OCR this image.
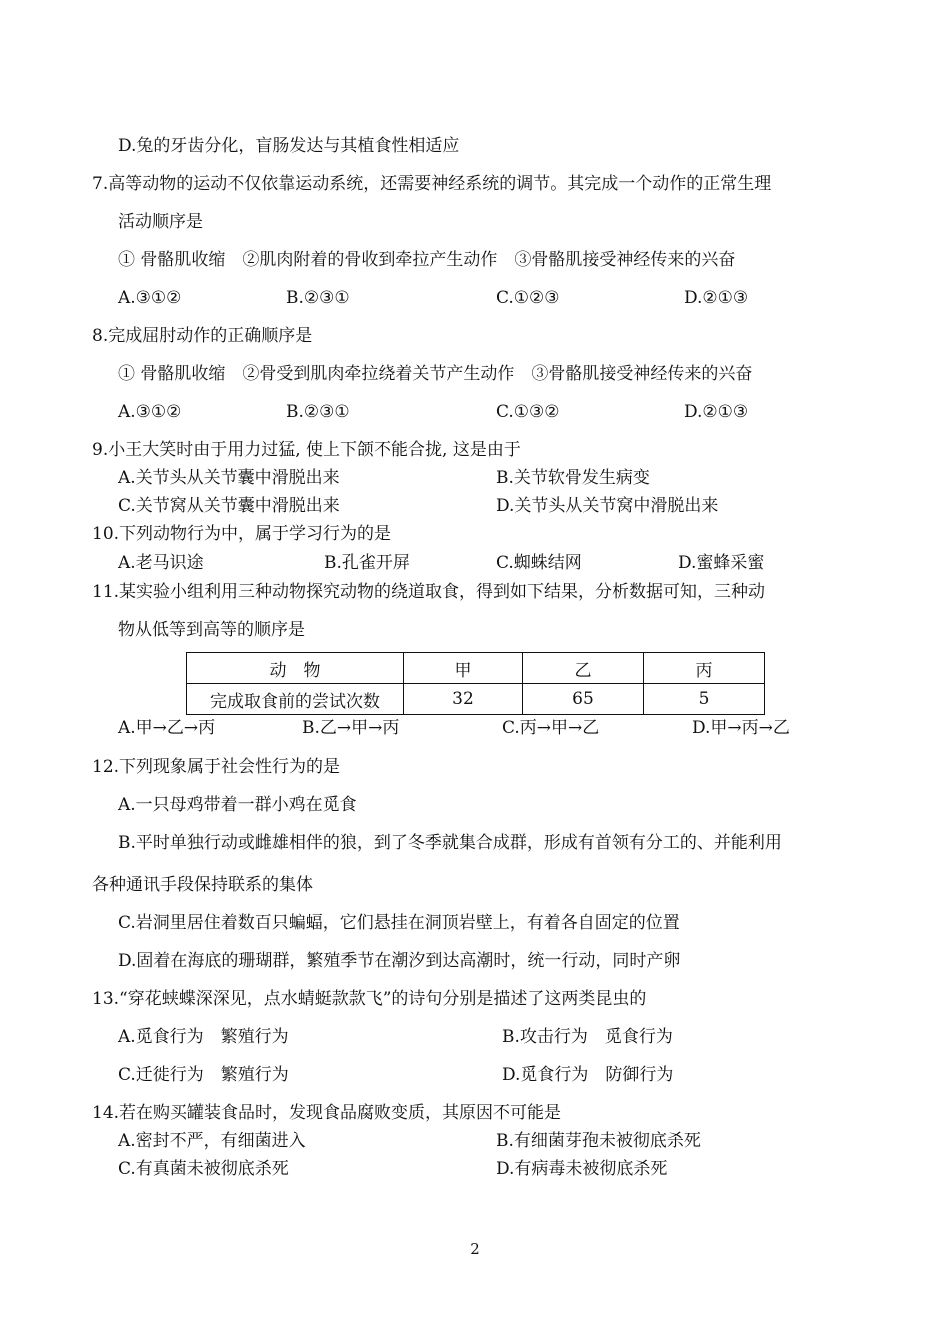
D.兔的牙齿分化，盲肠发达与其植食性相适应
7.高等动物的运动不仅依靠运动系统，还需要神经系统的调节。其完成一个动作的正常生理
活动顺序是
① 骨骼肌收缩　②肌肉附着的骨收到牵拉产生动作　③骨骼肌接受神经传来的兴奋
A.③①②	B.②③①	C.①②③	D.②①③
8.完成屈肘动作的正确顺序是
① 骨骼肌收缩　②骨受到肌肉牵拉绕着关节产生动作　③骨骼肌接受神经传来的兴奋
A.③①②	B.②③①	C.①③②	D.②①③
9.小王大笑时由于用力过猛, 使上下颌不能合拢, 这是由于
A.关节头从关节囊中滑脱出来	B.关节软骨发生病变
C.关节窝从关节囊中滑脱出来	D.关节头从关节窝中滑脱出来
10.下列动物行为中，属于学习行为的是
A.老马识途	B.孔雀开屏	C.蜘蛛结网	D.蜜蜂采蜜
11.某实验小组利用三种动物探究动物的绕道取食，得到如下结果，分析数据可知，三种动
物从低等到高等的顺序是
动　物	甲	乙	丙
完成取食前的尝试次数	32	65	5
A.甲→乙→丙	B.乙→甲→丙	C.丙→甲→乙	D.甲→丙→乙
12.下列现象属于社会性行为的是
A.一只母鸡带着一群小鸡在觅食
B.平时单独行动或雌雄相伴的狼，到了冬季就集合成群，形成有首领有分工的、并能利用
各种通讯手段保持联系的集体
C.岩洞里居住着数百只蝙蝠，它们悬挂在洞顶岩壁上，有着各自固定的位置
D.固着在海底的珊瑚群，繁殖季节在潮汐到达高潮时，统一行动，同时产卵
13.“穿花蛱蝶深深见，点水蜻蜓款款飞”的诗句分别是描述了这两类昆虫的
A.觅食行为　繁殖行为	B.攻击行为　觅食行为
C.迁徙行为　繁殖行为	D.觅食行为　防御行为
14.若在购买罐装食品时，发现食品腐败变质，其原因不可能是
A.密封不严，有细菌进入	B.有细菌芽孢未被彻底杀死
C.有真菌未被彻底杀死	D.有病毒未被彻底杀死
2
